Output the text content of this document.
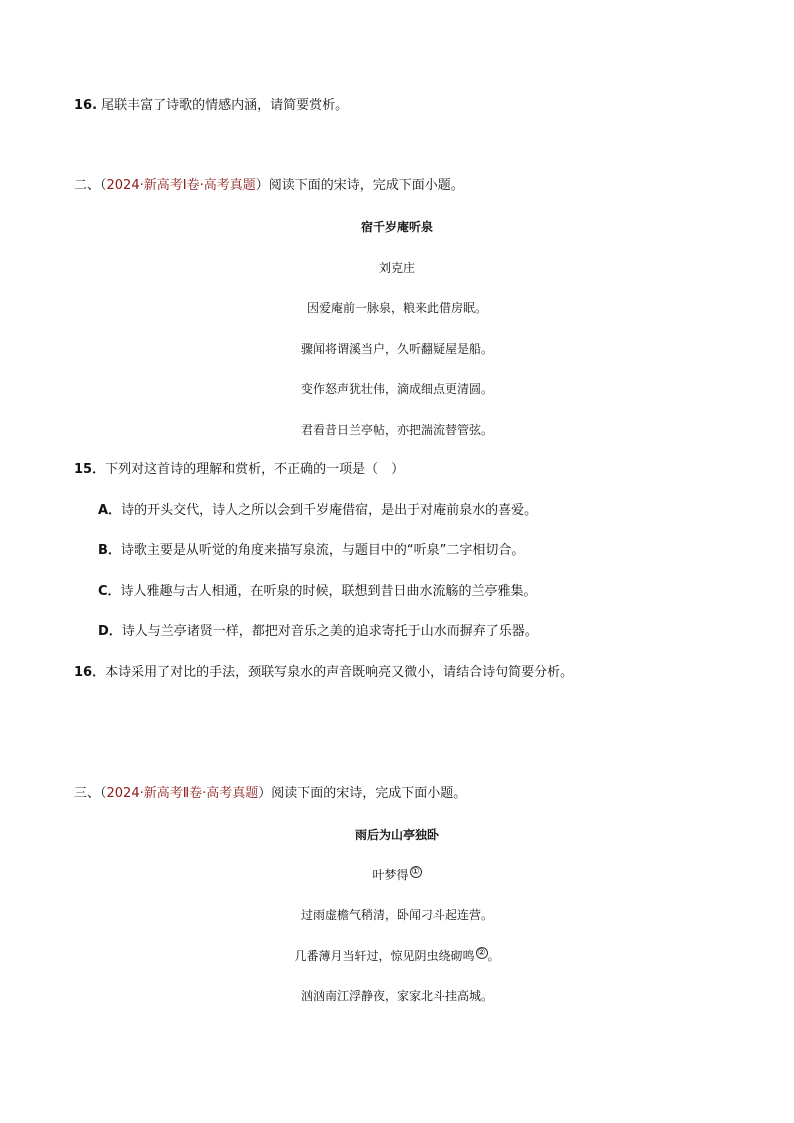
16. 尾联丰富了诗歌的情感内涵，请简要赏析。
二、（2024·新高考Ⅰ卷·高考真题）阅读下面的宋诗，完成下面小题。
宿千岁庵听泉
刘克庄
因爱庵前一脉泉，粮来此借房眠。
骤闻将谓溪当户，久听翻疑屋是船。
变作怒声犹壮伟，滴成细点更清圆。
君看昔日兰亭帖，亦把湍流替管弦。
15．下列对这首诗的理解和赏析，不正确的一项是（　）
A．诗的开头交代，诗人之所以会到千岁庵借宿，是出于对庵前泉水的喜爱。
B．诗歌主要是从听觉的角度来描写泉流，与题目中的“听泉”二字相切合。
C．诗人雅趣与古人相通，在听泉的时候，联想到昔日曲水流觞的兰亭雅集。
D．诗人与兰亭诸贤一样，都把对音乐之美的追求寄托于山水而摒弃了乐器。
16．本诗采用了对比的手法，颈联写泉水的声音既响亮又微小，请结合诗句简要分析。
三、（2024·新高考Ⅱ卷·高考真题）阅读下面的宋诗，完成下面小题。
雨后为山亭独卧
叶梦得 ①
过雨虚檐气稍清，卧闻刁斗起连营。
几番薄月当轩过，惊见阴虫绕砌鸣 ② 。
汹汹南江浮静夜，家家北斗挂高城。
